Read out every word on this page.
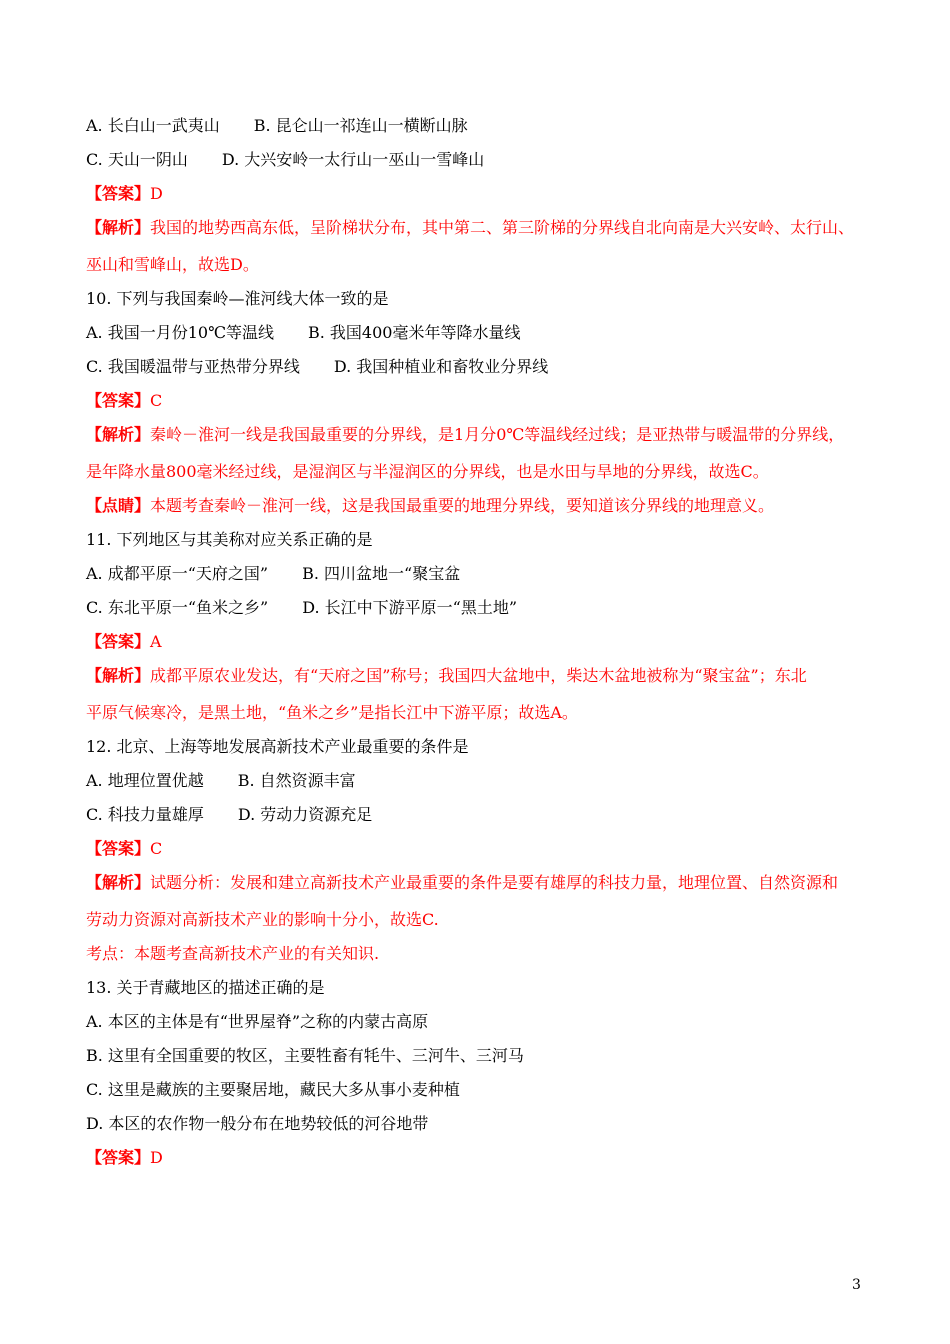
A. 长白山一武夷山 B. 昆仑山一祁连山一横断山脉
C. 天山一阴山 D. 大兴安岭一太行山一巫山一雪峰山
【答案】D
【解析】我国的地势西高东低，呈阶梯状分布，其中第二、第三阶梯的分界线自北向南是大兴安岭、太行山、
巫山和雪峰山，故选D。
10. 下列与我国秦岭—淮河线大体一致的是
A. 我国一月份10℃等温线 B. 我国400毫米年等降水量线
C. 我国暖温带与亚热带分界线 D. 我国种植业和畜牧业分界线
【答案】C
【解析】秦岭－淮河一线是我国最重要的分界线，是1月分0℃等温线经过线；是亚热带与暖温带的分界线，
是年降水量800毫米经过线，是湿润区与半湿润区的分界线，也是水田与旱地的分界线，故选C。
【点睛】本题考查秦岭－淮河一线，这是我国最重要的地理分界线，要知道该分界线的地理意义。
11. 下列地区与其美称对应关系正确的是
A. 成都平原一“天府之国” B. 四川盆地一“聚宝盆
C. 东北平原一“鱼米之乡” D. 长江中下游平原一“黑土地”
【答案】A
【解析】成都平原农业发达，有“天府之国”称号；我国四大盆地中，柴达木盆地被称为“聚宝盆”；东北
平原气候寒冷，是黑土地，“鱼米之乡”是指长江中下游平原；故选A。
12. 北京、上海等地发展高新技术产业最重要的条件是
A. 地理位置优越 B. 自然资源丰富
C. 科技力量雄厚 D. 劳动力资源充足
【答案】C
【解析】试题分析：发展和建立高新技术产业最重要的条件是要有雄厚的科技力量，地理位置、自然资源和
劳动力资源对高新技术产业的影响十分小，故选C.
考点：本题考查高新技术产业的有关知识.
13. 关于青藏地区的描述正确的是
A. 本区的主体是有“世界屋脊”之称的内蒙古高原
B. 这里有全国重要的牧区，主要牲畜有牦牛、三河牛、三河马
C. 这里是藏族的主要聚居地，藏民大多从事小麦种植
D. 本区的农作物一般分布在地势较低的河谷地带
【答案】D
3
